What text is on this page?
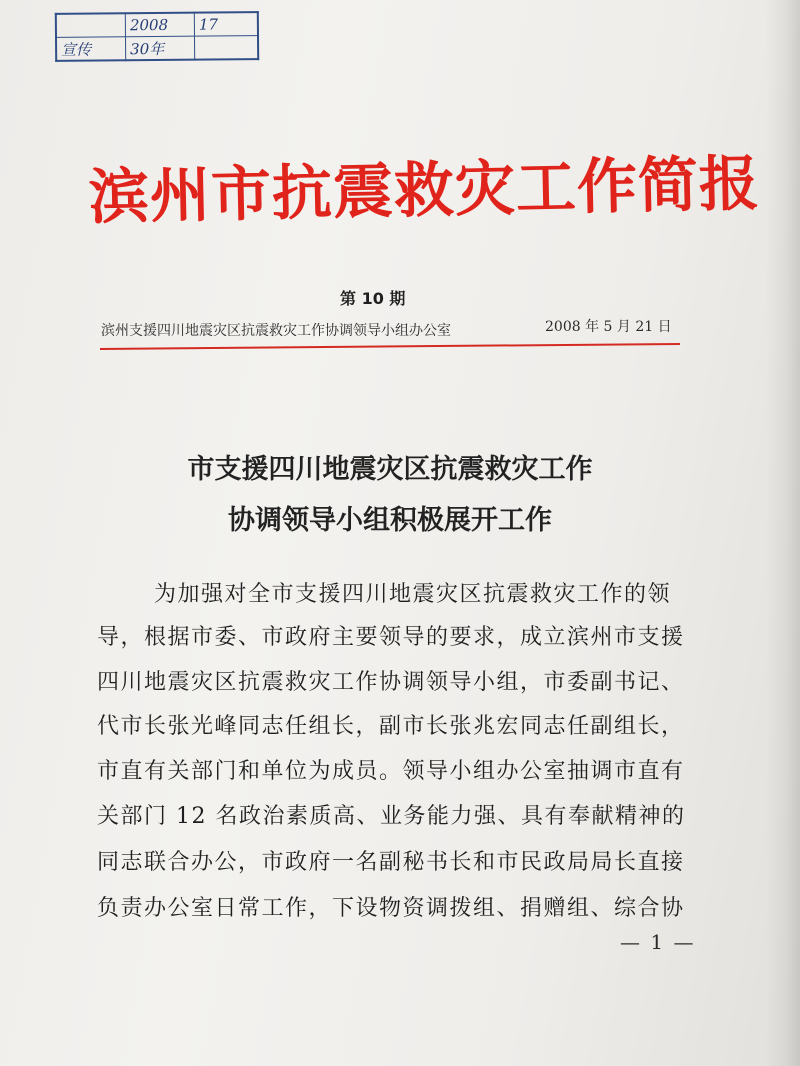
	2008	17
宣传	30年	
滨州市抗震救灾工作简报
第 10 期
滨州支援四川地震灾区抗震救灾工作协调领导小组办公室	2008 年 5 月 21 日
市支援四川地震灾区抗震救灾工作
协调领导小组积极展开工作
为加强对全市支援四川地震灾区抗震救灾工作的领
导，根据市委、市政府主要领导的要求，成立滨州市支援
四川地震灾区抗震救灾工作协调领导小组，市委副书记、
代市长张光峰同志任组长，副市长张兆宏同志任副组长，
市直有关部门和单位为成员。领导小组办公室抽调市直有
关部门 12 名政治素质高、业务能力强、具有奉献精神的
同志联合办公，市政府一名副秘书长和市民政局局长直接
负责办公室日常工作，下设物资调拨组、捐赠组、综合协
— 1 —
